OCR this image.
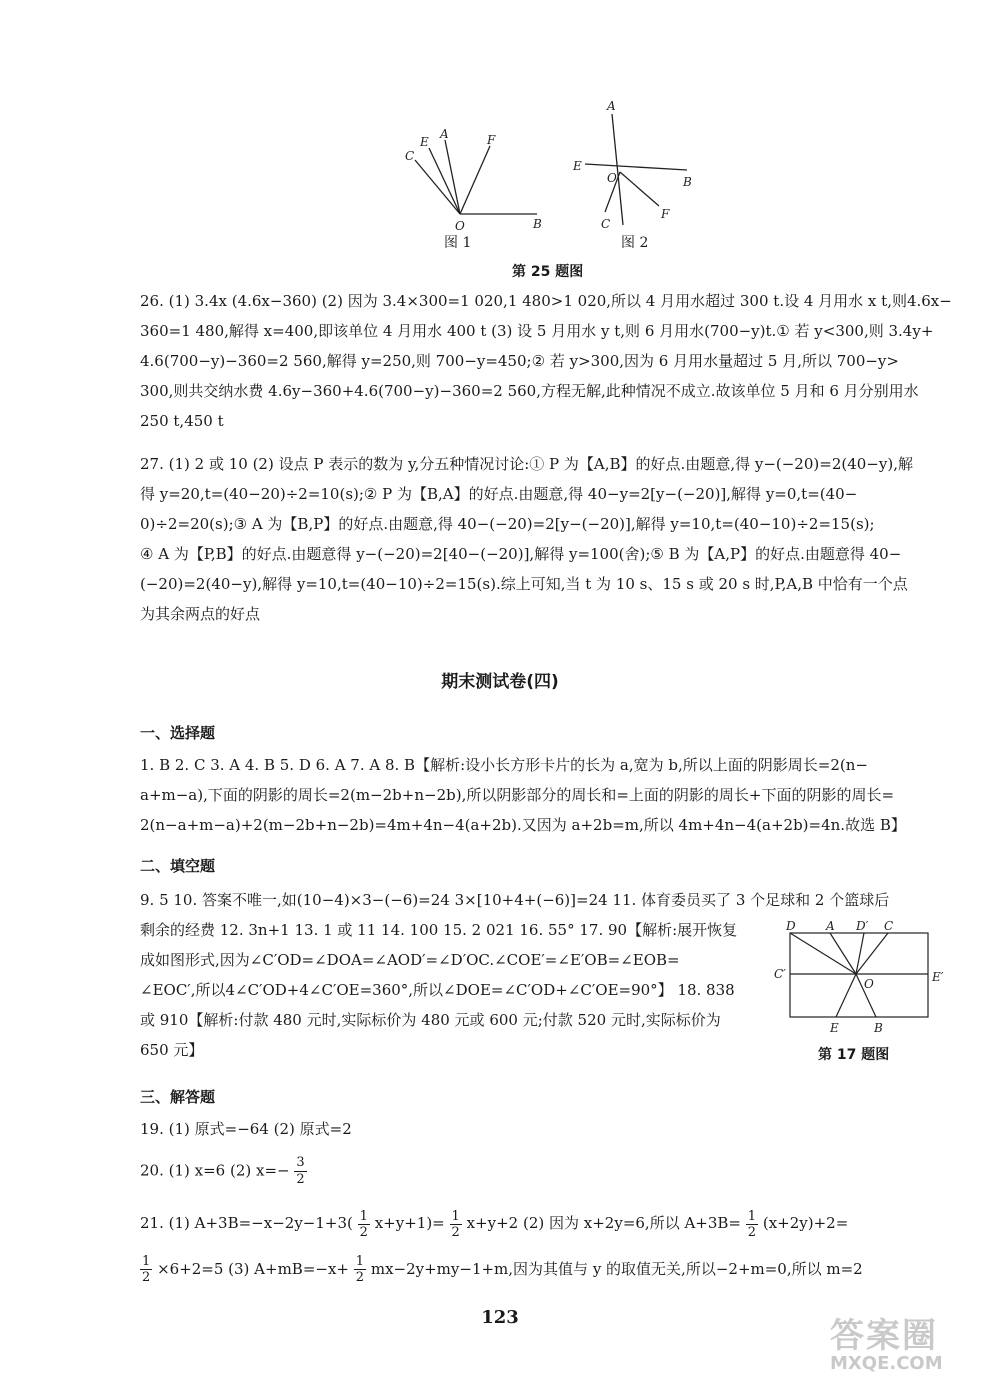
C
E
A	F
O	B
图 1
A
E
O	B
C
F
图 2
第 25 题图
26. (1) 3.4x (4.6x−360) (2) 因为 3.4×300=1 020,1 480>1 020,所以 4 月用水超过 300 t.设 4 月用水 x t,则4.6x−
360=1 480,解得 x=400,即该单位 4 月用水 400 t (3) 设 5 月用水 y t,则 6 月用水(700−y)t.① 若 y<300,则 3.4y+
4.6(700−y)−360=2 560,解得 y=250,则 700−y=450;② 若 y>300,因为 6 月用水量超过 5 月,所以 700−y>
300,则共交纳水费 4.6y−360+4.6(700−y)−360=2 560,方程无解,此种情况不成立.故该单位 5 月和 6 月分别用水
250 t,450 t
27. (1) 2 或 10 (2) 设点 P 表示的数为 y,分五种情况讨论:① P 为【A,B】的好点.由题意,得 y−(−20)=2(40−y),解
得 y=20,t=(40−20)÷2=10(s);② P 为【B,A】的好点.由题意,得 40−y=2[y−(−20)],解得 y=0,t=(40−
0)÷2=20(s);③ A 为【B,P】的好点.由题意,得 40−(−20)=2[y−(−20)],解得 y=10,t=(40−10)÷2=15(s);
④ A 为【P,B】的好点.由题意得 y−(−20)=2[40−(−20)],解得 y=100(舍);⑤ B 为【A,P】的好点.由题意得 40−
(−20)=2(40−y),解得 y=10,t=(40−10)÷2=15(s).综上可知,当 t 为 10 s、15 s 或 20 s 时,P,A,B 中恰有一个点
为其余两点的好点
期末测试卷(四)
一、选择题
1. B 2. C 3. A 4. B 5. D 6. A 7. A 8. B【解析:设小长方形卡片的长为 a,宽为 b,所以上面的阴影周长=2(n−
a+m−a),下面的阴影的周长=2(m−2b+n−2b),所以阴影部分的周长和=上面的阴影的周长+下面的阴影的周长=
2(n−a+m−a)+2(m−2b+n−2b)=4m+4n−4(a+2b).又因为 a+2b=m,所以 4m+4n−4(a+2b)=4n.故选 B】
二、填空题
9. 5 10. 答案不唯一,如(10−4)×3−(−6)=24 3×[10+4+(−6)]=24 11. 体育委员买了 3 个足球和 2 个篮球后
剩余的经费 12. 3n+1 13. 1 或 11 14. 100 15. 2 021 16. 55° 17. 90【解析:展开恢复
成如图形式,因为∠C′OD=∠DOA=∠AOD′=∠D′OC.∠COE′=∠E′OB=∠EOB=
∠EOC′,所以4∠C′OD+4∠C′OE=360°,所以∠DOE=∠C′OD+∠C′OE=90°】 18. 838
或 910【解析:付款 480 元时,实际标价为 480 元或 600 元;付款 520 元时,实际标价为
650 元】
D	A D′ C
C′
O	E′
E	B
第 17 题图
三、解答题
19. (1) 原式=−64 (2) 原式=2
20. (1) x=6 (2) $x=- \frac{3}{2}$
21. (1) $A+3B=-x-2y-1+3( \frac{1}{2} x+y+1)= \frac{1}{2} x+y+2$ (2) 因为 x+2y=6,所以 $A+3B= \frac{1}{2} (x+2y)+2=$
$\frac{1}{2} \times 6+2=5$ (3) $A+mB=-x+ \frac{1}{2} mx-2y+my-1+m$,因为其值与 y 的取值无关,所以−2+m=0,所以 m=2
123	答案圈
MXQE.COM
